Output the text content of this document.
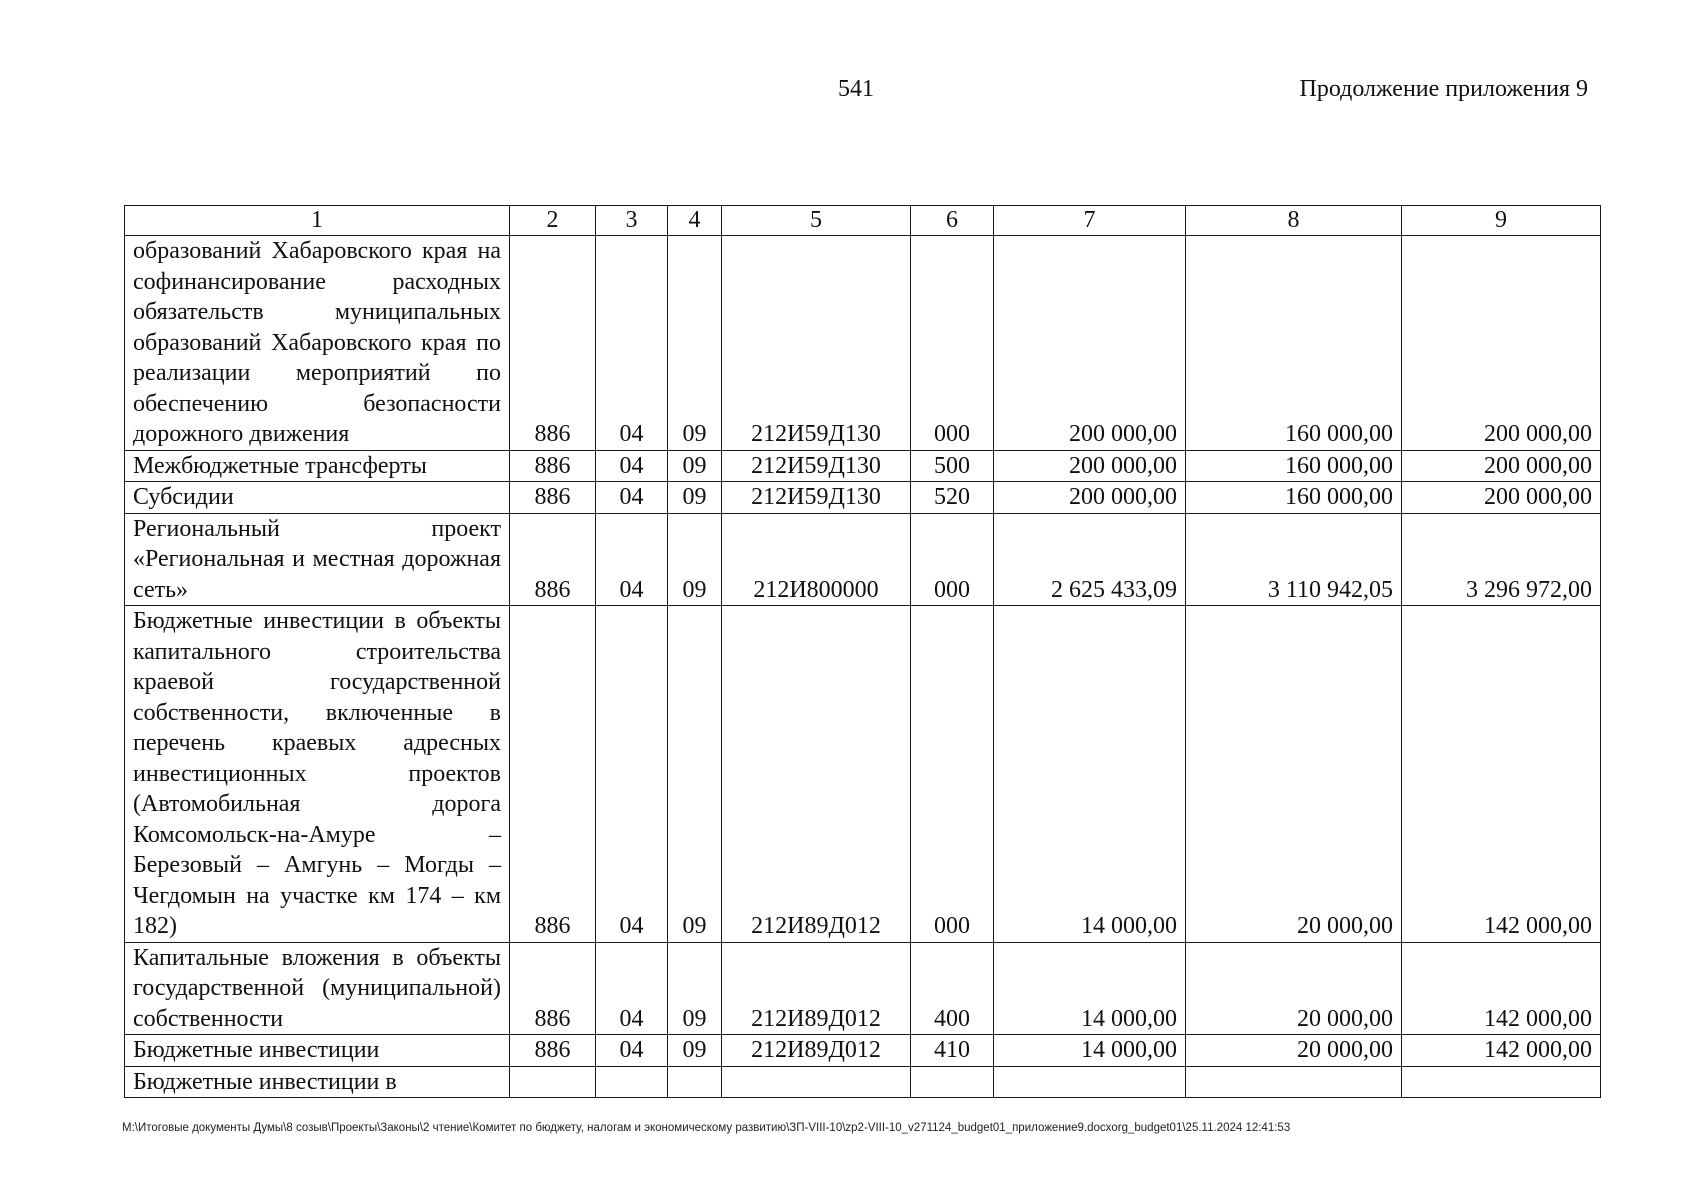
541	Продолжение приложения 9
1	2	3	4	5	6	7	8	9
образований Хабаровского края на софинансирование расходных обязательств муниципальных образований Хабаровского края по реализации мероприятий по обеспечению безопасности дорожного движения	886	04	09	212И59Д130	000	200 000,00	160 000,00	200 000,00
Межбюджетные трансферты	886	04	09	212И59Д130	500	200 000,00	160 000,00	200 000,00
Субсидии	886	04	09	212И59Д130	520	200 000,00	160 000,00	200 000,00
Региональный проект «Региональная и местная дорожная сеть»	886	04	09	212И800000	000	2 625 433,09	3 110 942,05	3 296 972,00
Бюджетные инвестиции в объекты капитального строительства краевой государственной собственности, включенные в перечень краевых адресных инвестиционных проектов (Автомобильная дорога Комсомольск-на-Амуре – Березовый – Амгунь – Могды – Чегдомын на участке км 174 – км 182)	886	04	09	212И89Д012	000	14 000,00	20 000,00	142 000,00
Капитальные вложения в объекты государственной (муниципальной) собственности	886	04	09	212И89Д012	400	14 000,00	20 000,00	142 000,00
Бюджетные инвестиции	886	04	09	212И89Д012	410	14 000,00	20 000,00	142 000,00
Бюджетные инвестиции в								
M:\Итоговые документы Думы\8 созыв\Проекты\Законы\2 чтение\Комитет по бюджету, налогам и экономическому развитию\ЗП-VIII-10\zp2-VIII-10_v271124_budget01_приложение9.docxorg_budget01\25.11.2024 12:41:53
